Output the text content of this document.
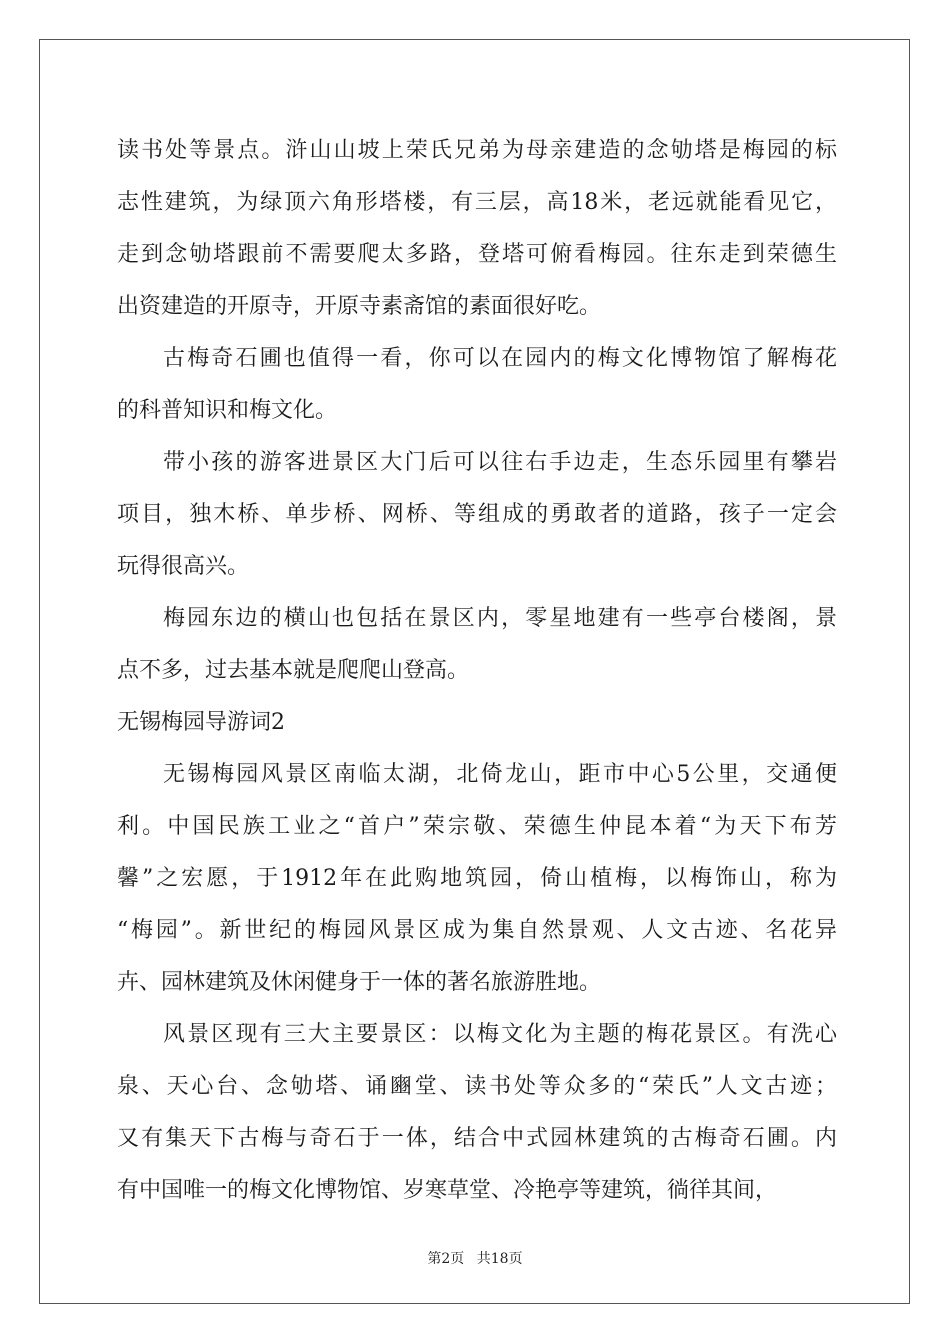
读书处等景点。浒山山坡上荣氏兄弟为母亲建造的念劬塔是梅园的标
志性建筑，为绿顶六角形塔楼，有三层，高18米，老远就能看见它，
走到念劬塔跟前不需要爬太多路，登塔可俯看梅园。往东走到荣德生
出资建造的开原寺，开原寺素斋馆的素面很好吃。
古梅奇石圃也值得一看，你可以在园内的梅文化博物馆了解梅花
的科普知识和梅文化。
带小孩的游客进景区大门后可以往右手边走，生态乐园里有攀岩
项目，独木桥、单步桥、网桥、等组成的勇敢者的道路，孩子一定会
玩得很高兴。
梅园东边的横山也包括在景区内，零星地建有一些亭台楼阁，景
点不多，过去基本就是爬爬山登高。
无锡梅园导游词2
无锡梅园风景区南临太湖，北倚龙山，距市中心5公里，交通便
利。中国民族工业之“首户”荣宗敬、荣德生仲昆本着“为天下布芳
馨”之宏愿，于1912年在此购地筑园，倚山植梅，以梅饰山，称为
“梅园”。新世纪的梅园风景区成为集自然景观、人文古迹、名花异
卉、园林建筑及休闲健身于一体的著名旅游胜地。
风景区现有三大主要景区：以梅文化为主题的梅花景区。有洗心
泉、天心台、念劬塔、诵豳堂、读书处等众多的“荣氏”人文古迹；
又有集天下古梅与奇石于一体，结合中式园林建筑的古梅奇石圃。内
有中国唯一的梅文化博物馆、岁寒草堂、冷艳亭等建筑，徜徉其间，
第2页 共18页
